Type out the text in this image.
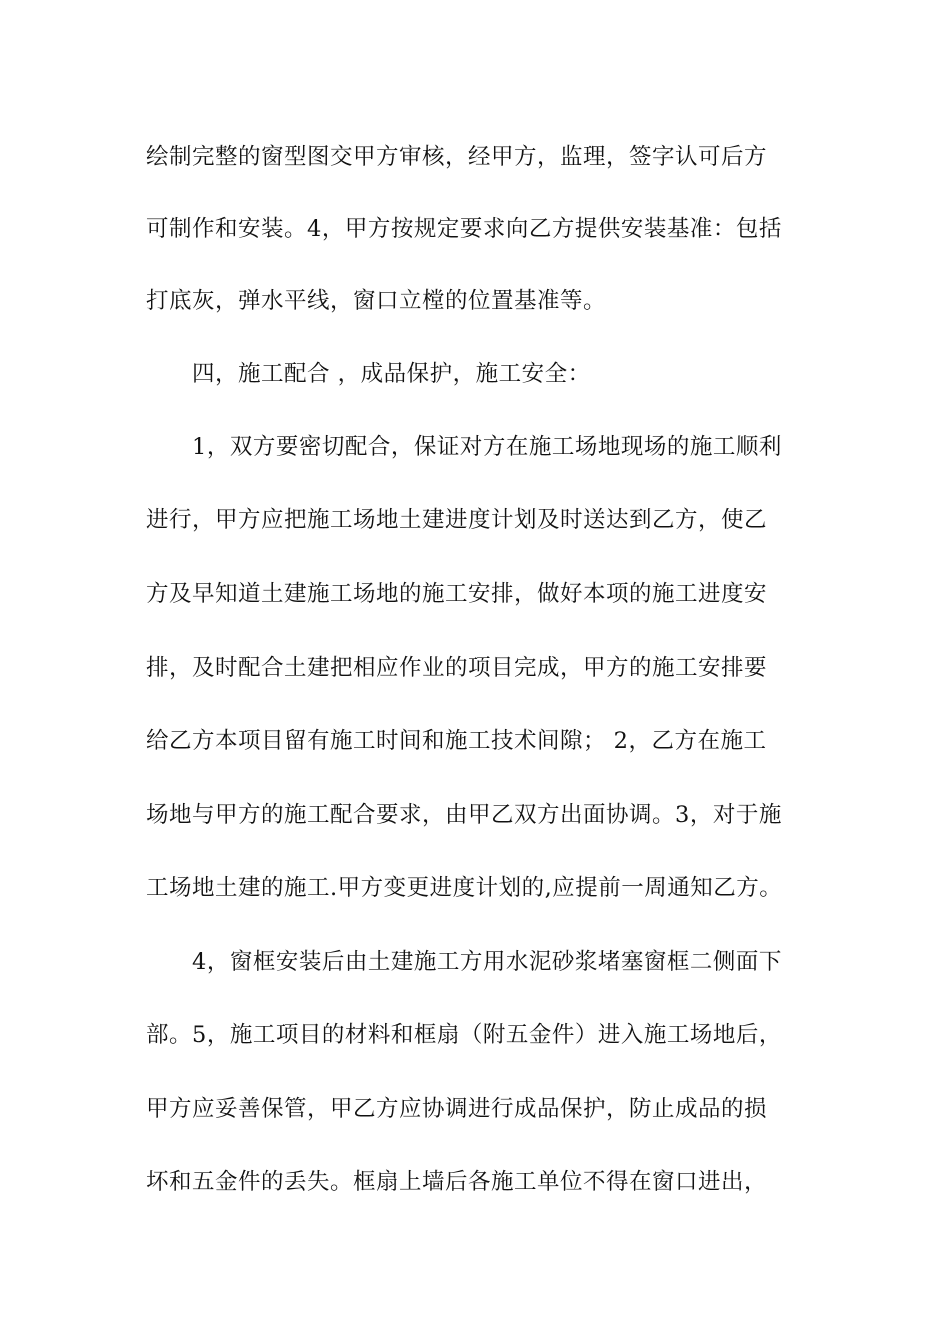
绘制完整的窗型图交甲方审核，经甲方，监理，签字认可后方
可制作和安装。4，甲方按规定要求向乙方提供安装基准：包括
打底灰，弹水平线，窗口立樘的位置基准等。
四，施工配合 ，成品保护，施工安全：
1，双方要密切配合，保证对方在施工场地现场的施工顺利
进行，甲方应把施工场地土建进度计划及时送达到乙方，使乙
方及早知道土建施工场地的施工安排，做好本项的施工进度安
排，及时配合土建把相应作业的项目完成，甲方的施工安排要
给乙方本项目留有施工时间和施工技术间隙； 2，乙方在施工
场地与甲方的施工配合要求，由甲乙双方出面协调。3，对于施
工场地土建的施工.甲方变更进度计划的,应提前一周通知乙方。
4，窗框安装后由土建施工方用水泥砂浆堵塞窗框二侧面下
部。5，施工项目的材料和框扇（附五金件）进入施工场地后，
甲方应妥善保管，甲乙方应协调进行成品保护，防止成品的损
坏和五金件的丢失。框扇上墙后各施工单位不得在窗口进出，
